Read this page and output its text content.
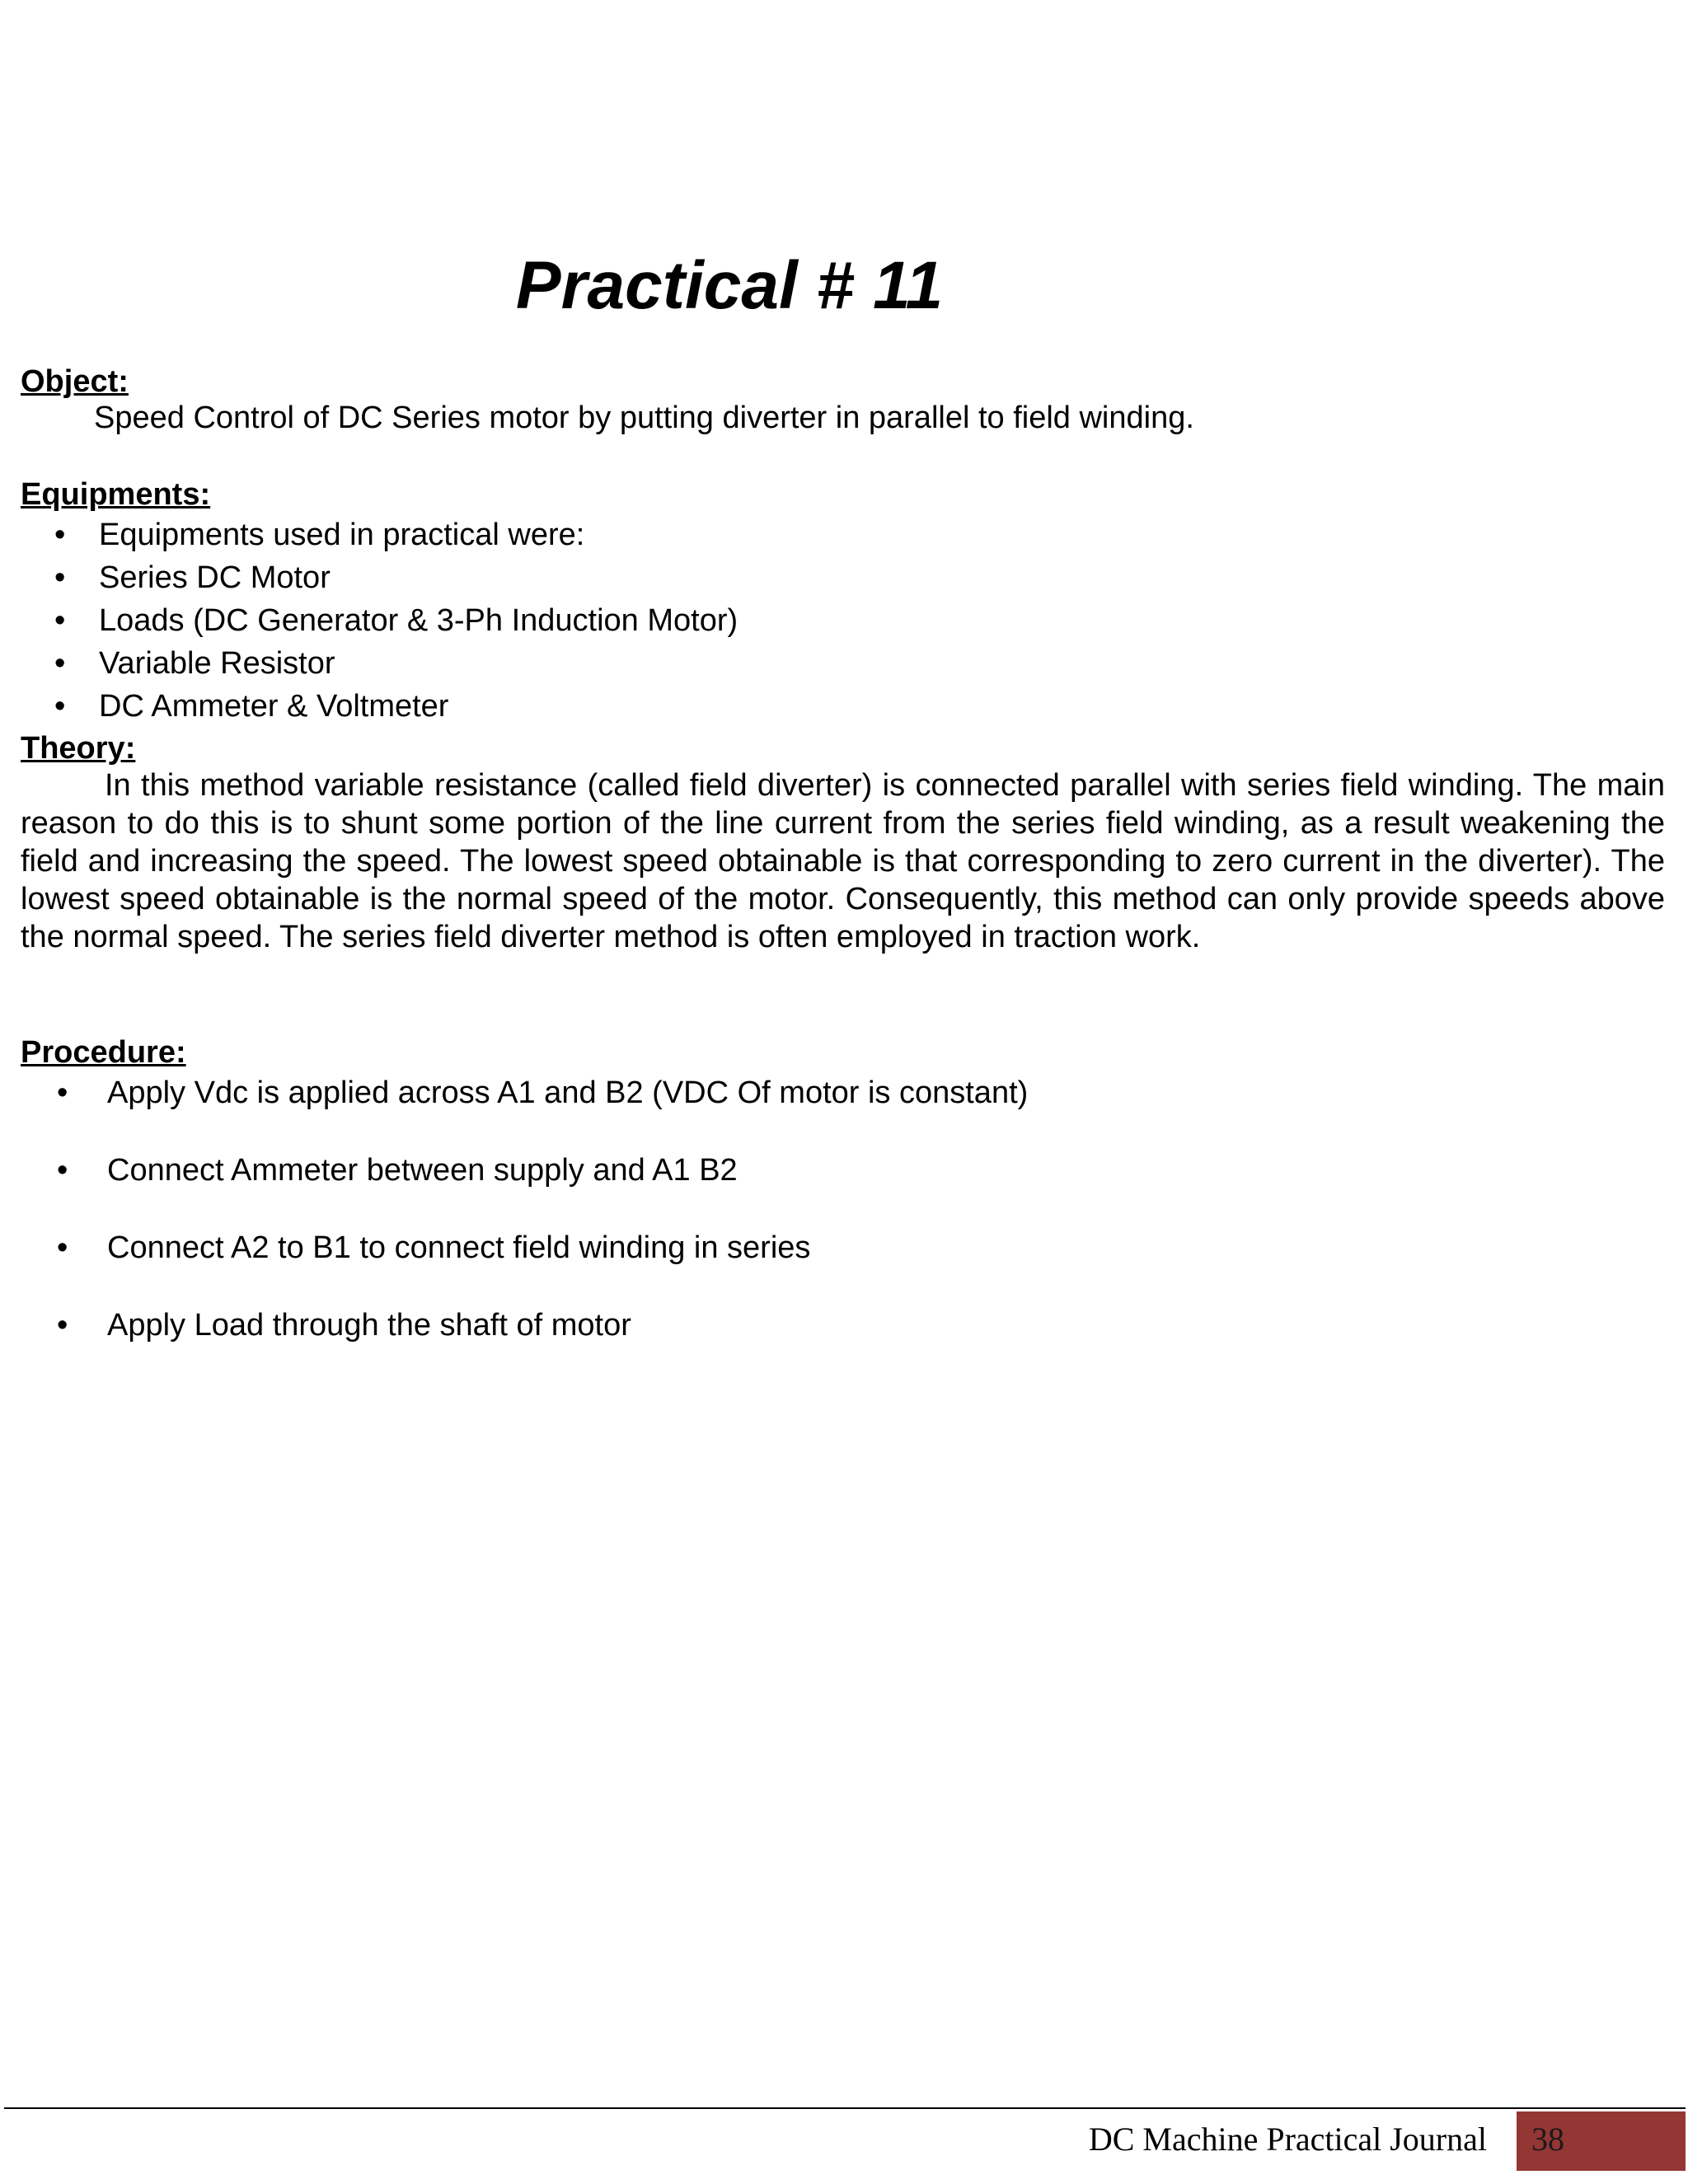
Practical # 11
Object:

Speed Control of DC Series motor by putting diverter in parallel to field winding.

Equipments:
• Equipments used in practical were:
• Series DC Motor
• Loads (DC Generator & 3-Ph Induction Motor)
• Variable Resistor
• DC Ammeter & Voltmeter
Theory:

In this method variable resistance (called field diverter) is connected parallel with series field winding. The main reason to do this is to shunt some portion of the line current from the series field winding, as a result weakening the field and increasing the speed. The lowest speed obtainable is that corresponding to zero current in the diverter). The lowest speed obtainable is the normal speed of the motor. Consequently, this method can only provide speeds above the normal speed. The series field diverter method is often employed in traction work.

Procedure:
• Apply Vdc is applied across A1 and B2 (VDC Of motor is constant)
• Connect Ammeter between supply and A1 B2
• Connect A2 to B1 to connect field winding in series
• Apply Load through the shaft of motor
DC Machine Practical Journal 38
